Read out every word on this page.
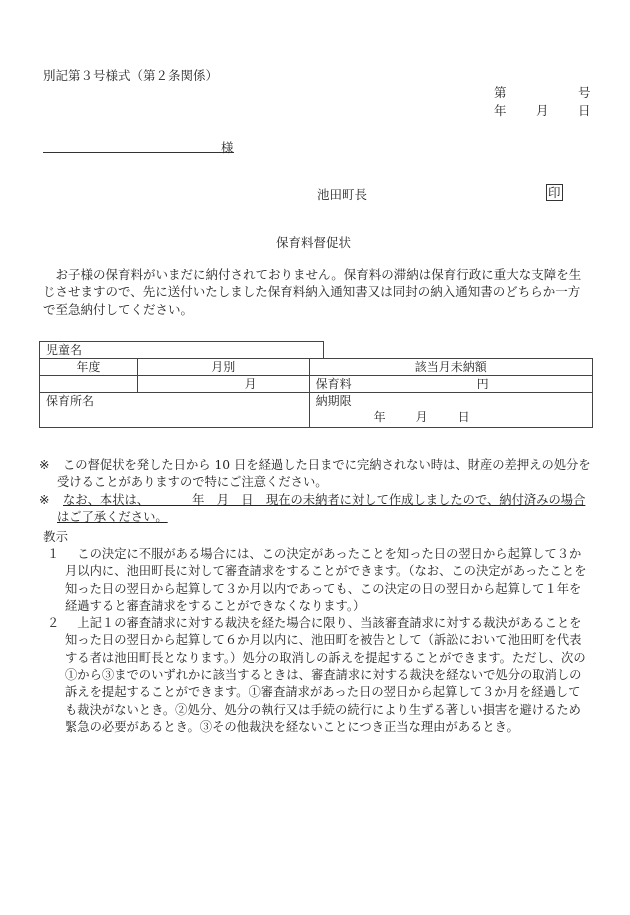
別記第３号様式（第２条関係）
第	号
年 月 日
様
池田町長	印
保育料督促状
お子様の保育料がいまだに納付されておりません。保育料の滞納は保育行政に重大な支障を生じさせますので、先に送付いたしました保育料納入通知書又は同封の納入通知書のどちらか一方で至急納付してください。
児童名			
年度	月別	該当月未納額	
	月	保育料 円	

保育所名		納期限
年 月 日	
※	この督促状を発した日から 10 日を経過した日までに完納されない時は、財産の差押えの処分を受けることがありますので特にご注意ください。
※	なお、本状は、　　　　年　月　日　現在の未納者に対して作成しましたので、納付済みの場合はご了承ください。
教示
１	この決定に不服がある場合には、この決定があったことを知った日の翌日から起算して３か月以内に、池田町長に対して審査請求をすることができます。（なお、この決定があったことを知った日の翌日から起算して３か月以内であっても、この決定の日の翌日から起算して１年を経過すると審査請求をすることができなくなります。）
２	上記１の審査請求に対する裁決を経た場合に限り、当該審査請求に対する裁決があることを知った日の翌日から起算して６か月以内に、池田町を被告として（訴訟において池田町を代表する者は池田町長となります。）処分の取消しの訴えを提起することができます。ただし、次の①から③までのいずれかに該当するときは、審査請求に対する裁決を経ないで処分の取消しの訴えを提起することができます。①審査請求があった日の翌日から起算して３か月を経過しても裁決がないとき。②処分、処分の執行又は手続の続行により生ずる著しい損害を避けるため緊急の必要があるとき。③その他裁決を経ないことにつき正当な理由があるとき。
